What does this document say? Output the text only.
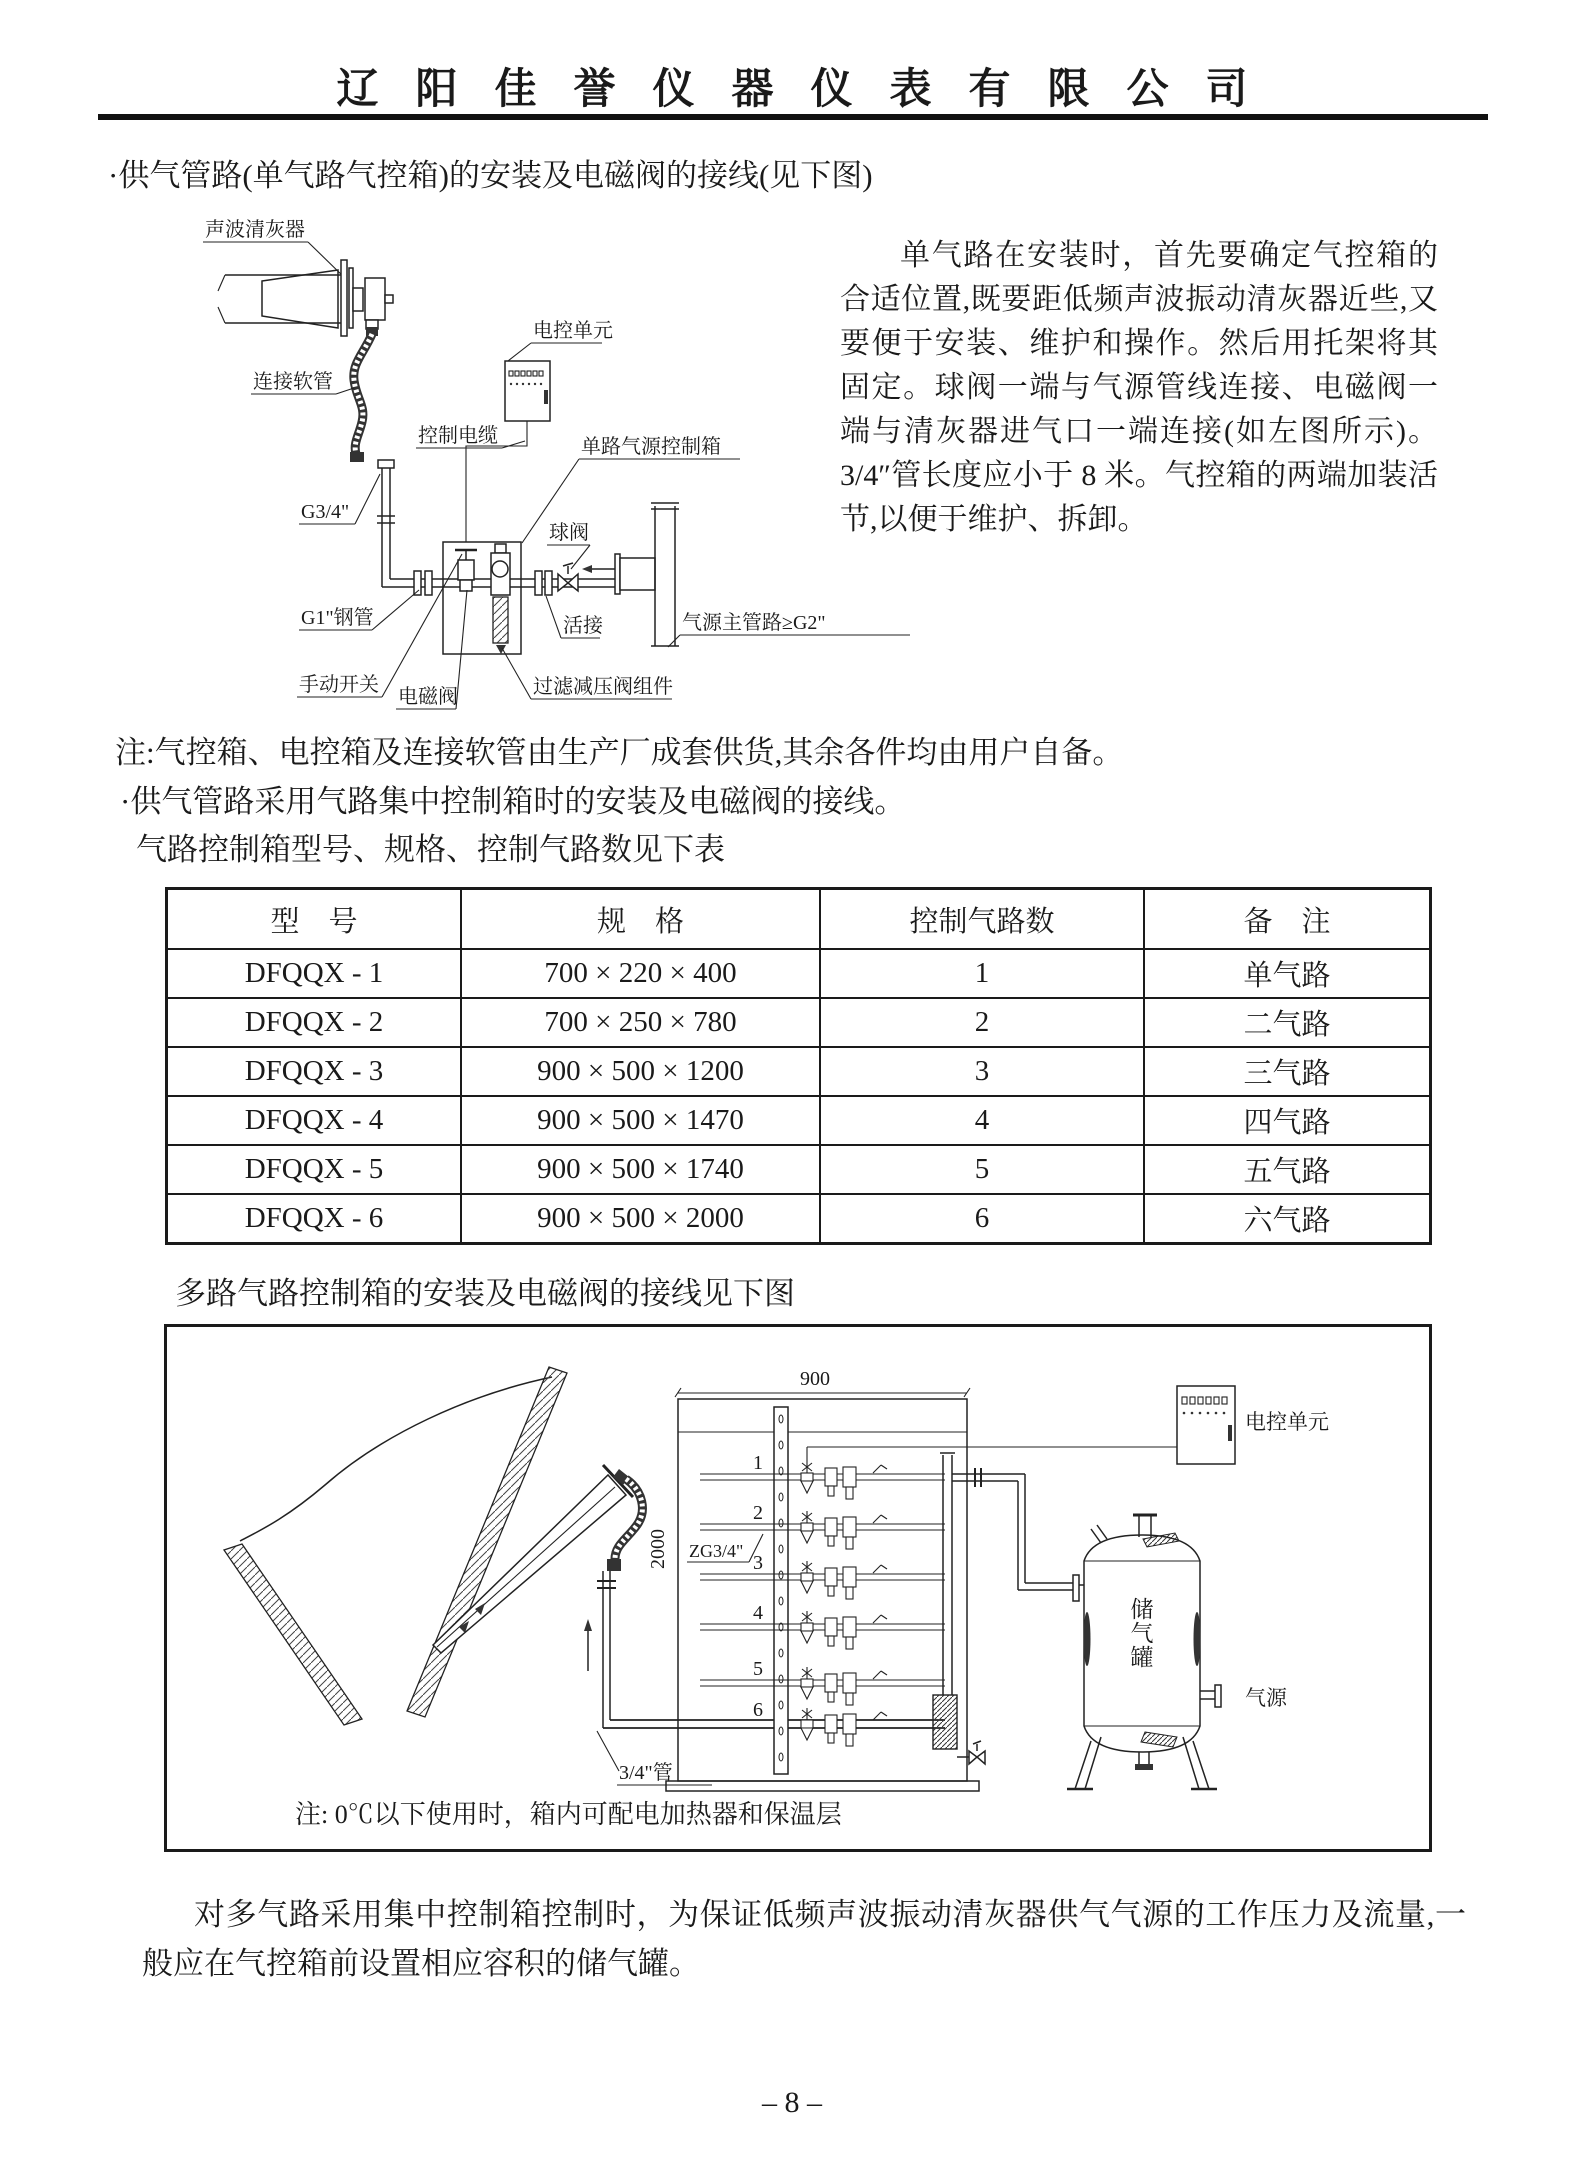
辽阳佳誉仪器仪表有限公司
·供气管路(单气路气控箱)的安装及电磁阀的接线(见下图)
声波清灰器
连接软管
G3/4"
G1"钢管
控制电缆
电控单元
单路气源控制箱
活接
球阀
气源主管路≥G2"
手动开关
电磁阀	过滤减压阀组件
单气路在安装时，首先要确定气控箱的合适位置,既要距低频声波振动清灰器近些,又要便于安装、维护和操作。然后用托架将其固定。球阀一端与气源管线连接、电磁阀一端与清灰器进气口一端连接(如左图所示)。3/4″管长度应小于 8 米。气控箱的两端加装活节,以便于维护、拆卸。
注:气控箱、电控箱及连接软管由生产厂成套供货,其余各件均由用户自备。
·供气管路采用气路集中控制箱时的安装及电磁阀的接线。
气路控制箱型号、规格、控制气路数见下表
型　号	规　格	控制气路数	备　注
DFQQX - 1	700 × 220 × 400	1	单气路
DFQQX - 2	700 × 250 × 780	2	二气路
DFQQX - 3	900 × 500 × 1200	3	三气路
DFQQX - 4	900 × 500 × 1470	4	四气路
DFQQX - 5	900 × 500 × 1740	5	五气路
DFQQX - 6	900 × 500 × 2000	6	六气路
多路气路控制箱的安装及电磁阀的接线见下图
2000
3/4"管
900
1
2
3
4
5
6
ZG3/4"
储
气
罐
气源
电控单元
注: 0℃以下使用时，箱内可配电加热器和保温层
对多气路采用集中控制箱控制时，为保证低频声波振动清灰器供气气源的工作压力及流量,一般应在气控箱前设置相应容积的储气罐。
– 8 –
